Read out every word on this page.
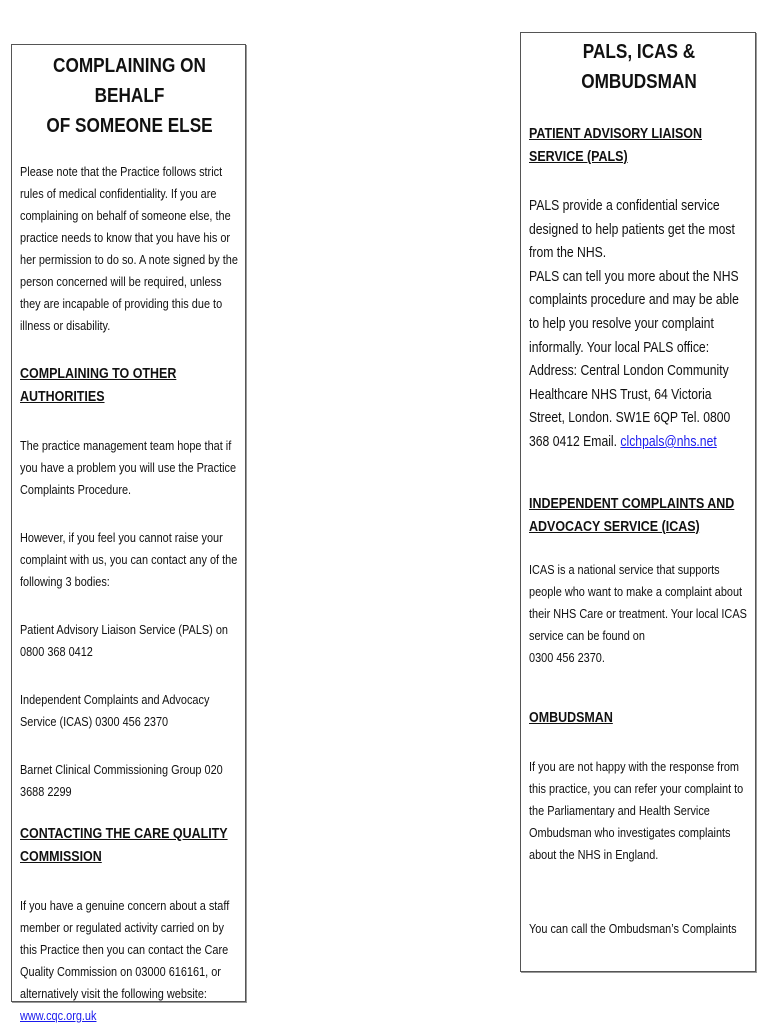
COMPLAINING ON BEHALF
OF SOMEONE ELSE

Please note that the Practice follows strict rules of medical confidentiality. If you are complaining on behalf of someone else, the practice needs to know that you have his or her permission to do so. A note signed by the person concerned will be required, unless they are incapable of providing this due to illness or disability.

COMPLAINING TO OTHER
AUTHORITIES

The practice management team hope that if you have a problem you will use the Practice Complaints Procedure.

However, if you feel you cannot raise your complaint with us, you can contact any of the following 3 bodies:

Patient Advisory Liaison Service (PALS) on 0800 368 0412

Independent Complaints and Advocacy Service (ICAS) 0300 456 2370

Barnet Clinical Commissioning Group 020 3688 2299

CONTACTING THE CARE QUALITY
COMMISSION

If you have a genuine concern about a staff member or regulated activity carried on by this Practice then you can contact the Care Quality Commission on 03000 616161, or alternatively visit the following website: www.cqc.org.uk

PALS, ICAS &
OMBUDSMAN
PATIENT ADVISORY LIAISON
SERVICE (PALS)

PALS provide a confidential service designed to help patients get the most from the NHS.

PALS can tell you more about the NHS complaints procedure and may be able to help you resolve your complaint informally. Your local PALS office: Address: Central London Community Healthcare NHS Trust, 64 Victoria Street, London. SW1E 6QP Tel. 0800 368 0412 Email. clchpals@nhs.net

INDEPENDENT COMPLAINTS AND
ADVOCACY SERVICE (ICAS)

ICAS is a national service that supports people who want to make a complaint about their NHS Care or treatment. Your local ICAS service can be found on

0300 456 2370.

OMBUDSMAN

If you are not happy with the response from this practice, you can refer your complaint to the Parliamentary and Health Service Ombudsman who investigates complaints about the NHS in England.

You can call the Ombudsman’s Complaints
